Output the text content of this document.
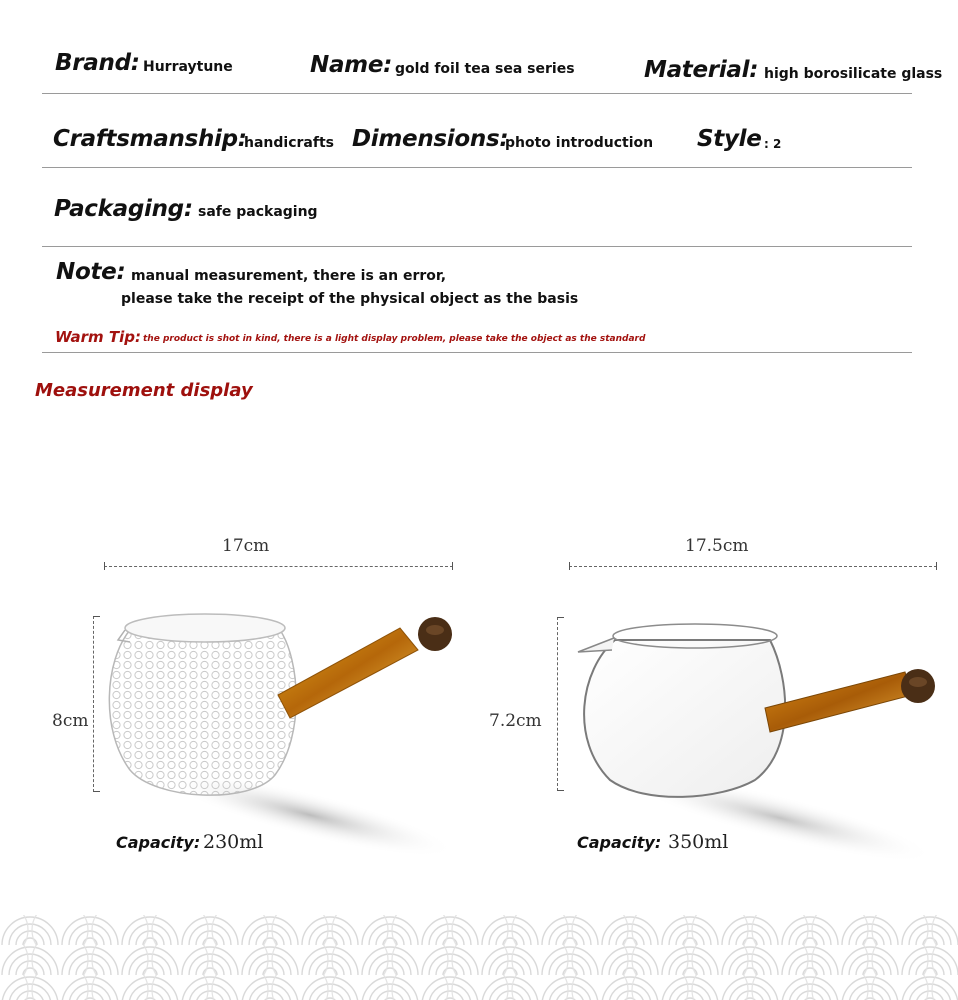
Brand: Hurraytune	Name: gold foil tea sea series	Material: high borosilicate glass
Craftsmanship:
handicrafts Dimensions:
photo introduction Style : 2
Packaging: safe packaging
Note: manual measurement, there is an error,
please take the receipt of the physical object as the basis
Warm Tip: the product is shot in kind, there is a light display problem, please take the object as the standard
Measurement display
17cm
8cm
Capacity: 230ml
17.5cm
7.2cm
Capacity: 350ml
